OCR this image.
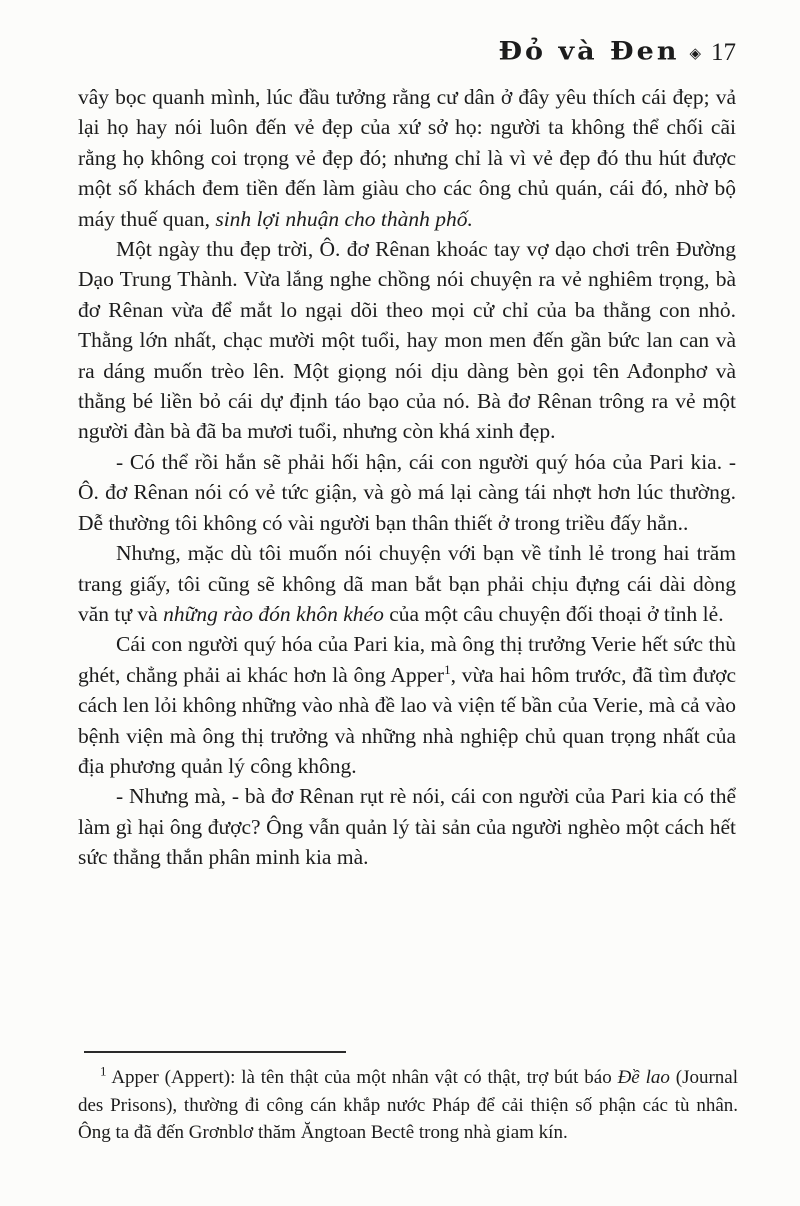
Đỏ và Đen ◈ 17

vây bọc quanh mình, lúc đầu tưởng rằng cư dân ở đây yêu thích cái đẹp; vả lại họ hay nói luôn đến vẻ đẹp của xứ sở họ: người ta không thể chối cãi rằng họ không coi trọng vẻ đẹp đó; nhưng chỉ là vì vẻ đẹp đó thu hút được một số khách đem tiền đến làm giàu cho các ông chủ quán, cái đó, nhờ bộ máy thuế quan, sinh lợi nhuận cho thành phố.

Một ngày thu đẹp trời, Ô. đơ Rênan khoác tay vợ dạo chơi trên Đường Dạo Trung Thành. Vừa lắng nghe chồng nói chuyện ra vẻ nghiêm trọng, bà đơ Rênan vừa để mắt lo ngại dõi theo mọi cử chỉ của ba thằng con nhỏ. Thằng lớn nhất, chạc mười một tuổi, hay mon men đến gần bức lan can và ra dáng muốn trèo lên. Một giọng nói dịu dàng bèn gọi tên Ađonphơ và thằng bé liền bỏ cái dự định táo bạo của nó. Bà đơ Rênan trông ra vẻ một người đàn bà đã ba mươi tuổi, nhưng còn khá xinh đẹp.

- Có thể rồi hắn sẽ phải hối hận, cái con người quý hóa của Pari kia. - Ô. đơ Rênan nói có vẻ tức giận, và gò má lại càng tái nhợt hơn lúc thường. Dễ thường tôi không có vài người bạn thân thiết ở trong triều đấy hẳn..

Nhưng, mặc dù tôi muốn nói chuyện với bạn về tỉnh lẻ trong hai trăm trang giấy, tôi cũng sẽ không dã man bắt bạn phải chịu đựng cái dài dòng văn tự và những rào đón khôn khéo của một câu chuyện đối thoại ở tỉnh lẻ.

Cái con người quý hóa của Pari kia, mà ông thị trưởng Verie hết sức thù ghét, chẳng phải ai khác hơn là ông Apper$^1$, vừa hai hôm trước, đã tìm được cách len lỏi không những vào nhà đề lao và viện tế bần của Verie, mà cả vào bệnh viện mà ông thị trưởng và những nhà nghiệp chủ quan trọng nhất của địa phương quản lý công không.

- Nhưng mà, - bà đơ Rênan rụt rè nói, cái con người của Pari kia có thể làm gì hại ông được? Ông vẫn quản lý tài sản của người nghèo một cách hết sức thẳng thắn phân minh kia mà.

$^1$ Apper (Appert): là tên thật của một nhân vật có thật, trợ bút báo Đề lao (Journal des Prisons), thường đi công cán khắp nước Pháp để cải thiện số phận các tù nhân. Ông ta đã đến Grơnblơ thăm Ăngtoan Bectê trong nhà giam kín.
